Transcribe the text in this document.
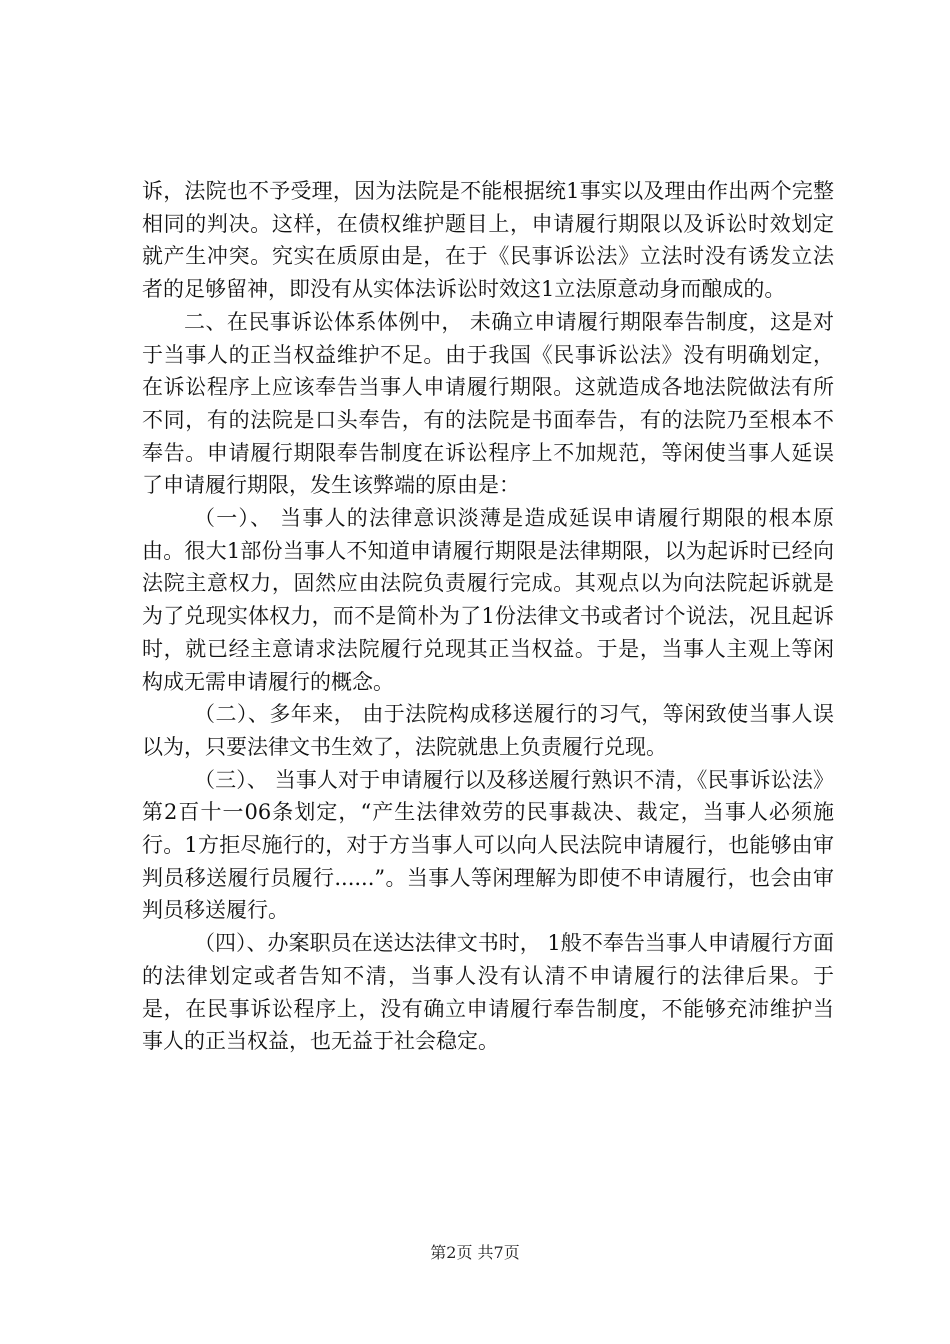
诉，法院也不予受理，因为法院是不能根据统1事实以及理由作出两个完整相同的判决。这样，在债权维护题目上，申请履行期限以及诉讼时效划定就产生冲突。究实在质原由是，在于《民事诉讼法》立法时没有诱发立法者的足够留神，即没有从实体法诉讼时效这1立法原意动身而酿成的。

二、在民事诉讼体系体例中， 未确立申请履行期限奉告制度，这是对于当事人的正当权益维护不足。由于我国《民事诉讼法》没有明确划定，在诉讼程序上应该奉告当事人申请履行期限。这就造成各地法院做法有所不同，有的法院是口头奉告，有的法院是书面奉告，有的法院乃至根本不奉告。申请履行期限奉告制度在诉讼程序上不加规范，等闲使当事人延误了申请履行期限，发生该弊端的原由是：

（一）、 当事人的法律意识淡薄是造成延误申请履行期限的根本原由。很大1部份当事人不知道申请履行期限是法律期限，以为起诉时已经向法院主意权力，固然应由法院负责履行完成。其观点以为向法院起诉就是为了兑现实体权力，而不是简朴为了1份法律文书或者讨个说法，况且起诉时，就已经主意请求法院履行兑现其正当权益。于是，当事人主观上等闲构成无需申请履行的概念。

（二）、多年来， 由于法院构成移送履行的习气，等闲致使当事人误以为，只要法律文书生效了，法院就患上负责履行兑现。

（三）、 当事人对于申请履行以及移送履行熟识不清，《民事诉讼法》第2百十一06条划定，“产生法律效劳的民事裁决、裁定，当事人必须施行。1方拒尽施行的，对于方当事人可以向人民法院申请履行，也能够由审判员移送履行员履行......”。当事人等闲理解为即使不申请履行，也会由审判员移送履行。

（四）、办案职员在送达法律文书时， 1般不奉告当事人申请履行方面的法律划定或者告知不清，当事人没有认清不申请履行的法律后果。于是，在民事诉讼程序上，没有确立申请履行奉告制度，不能够充沛维护当事人的正当权益，也无益于社会稳定。

第2页 共7页
